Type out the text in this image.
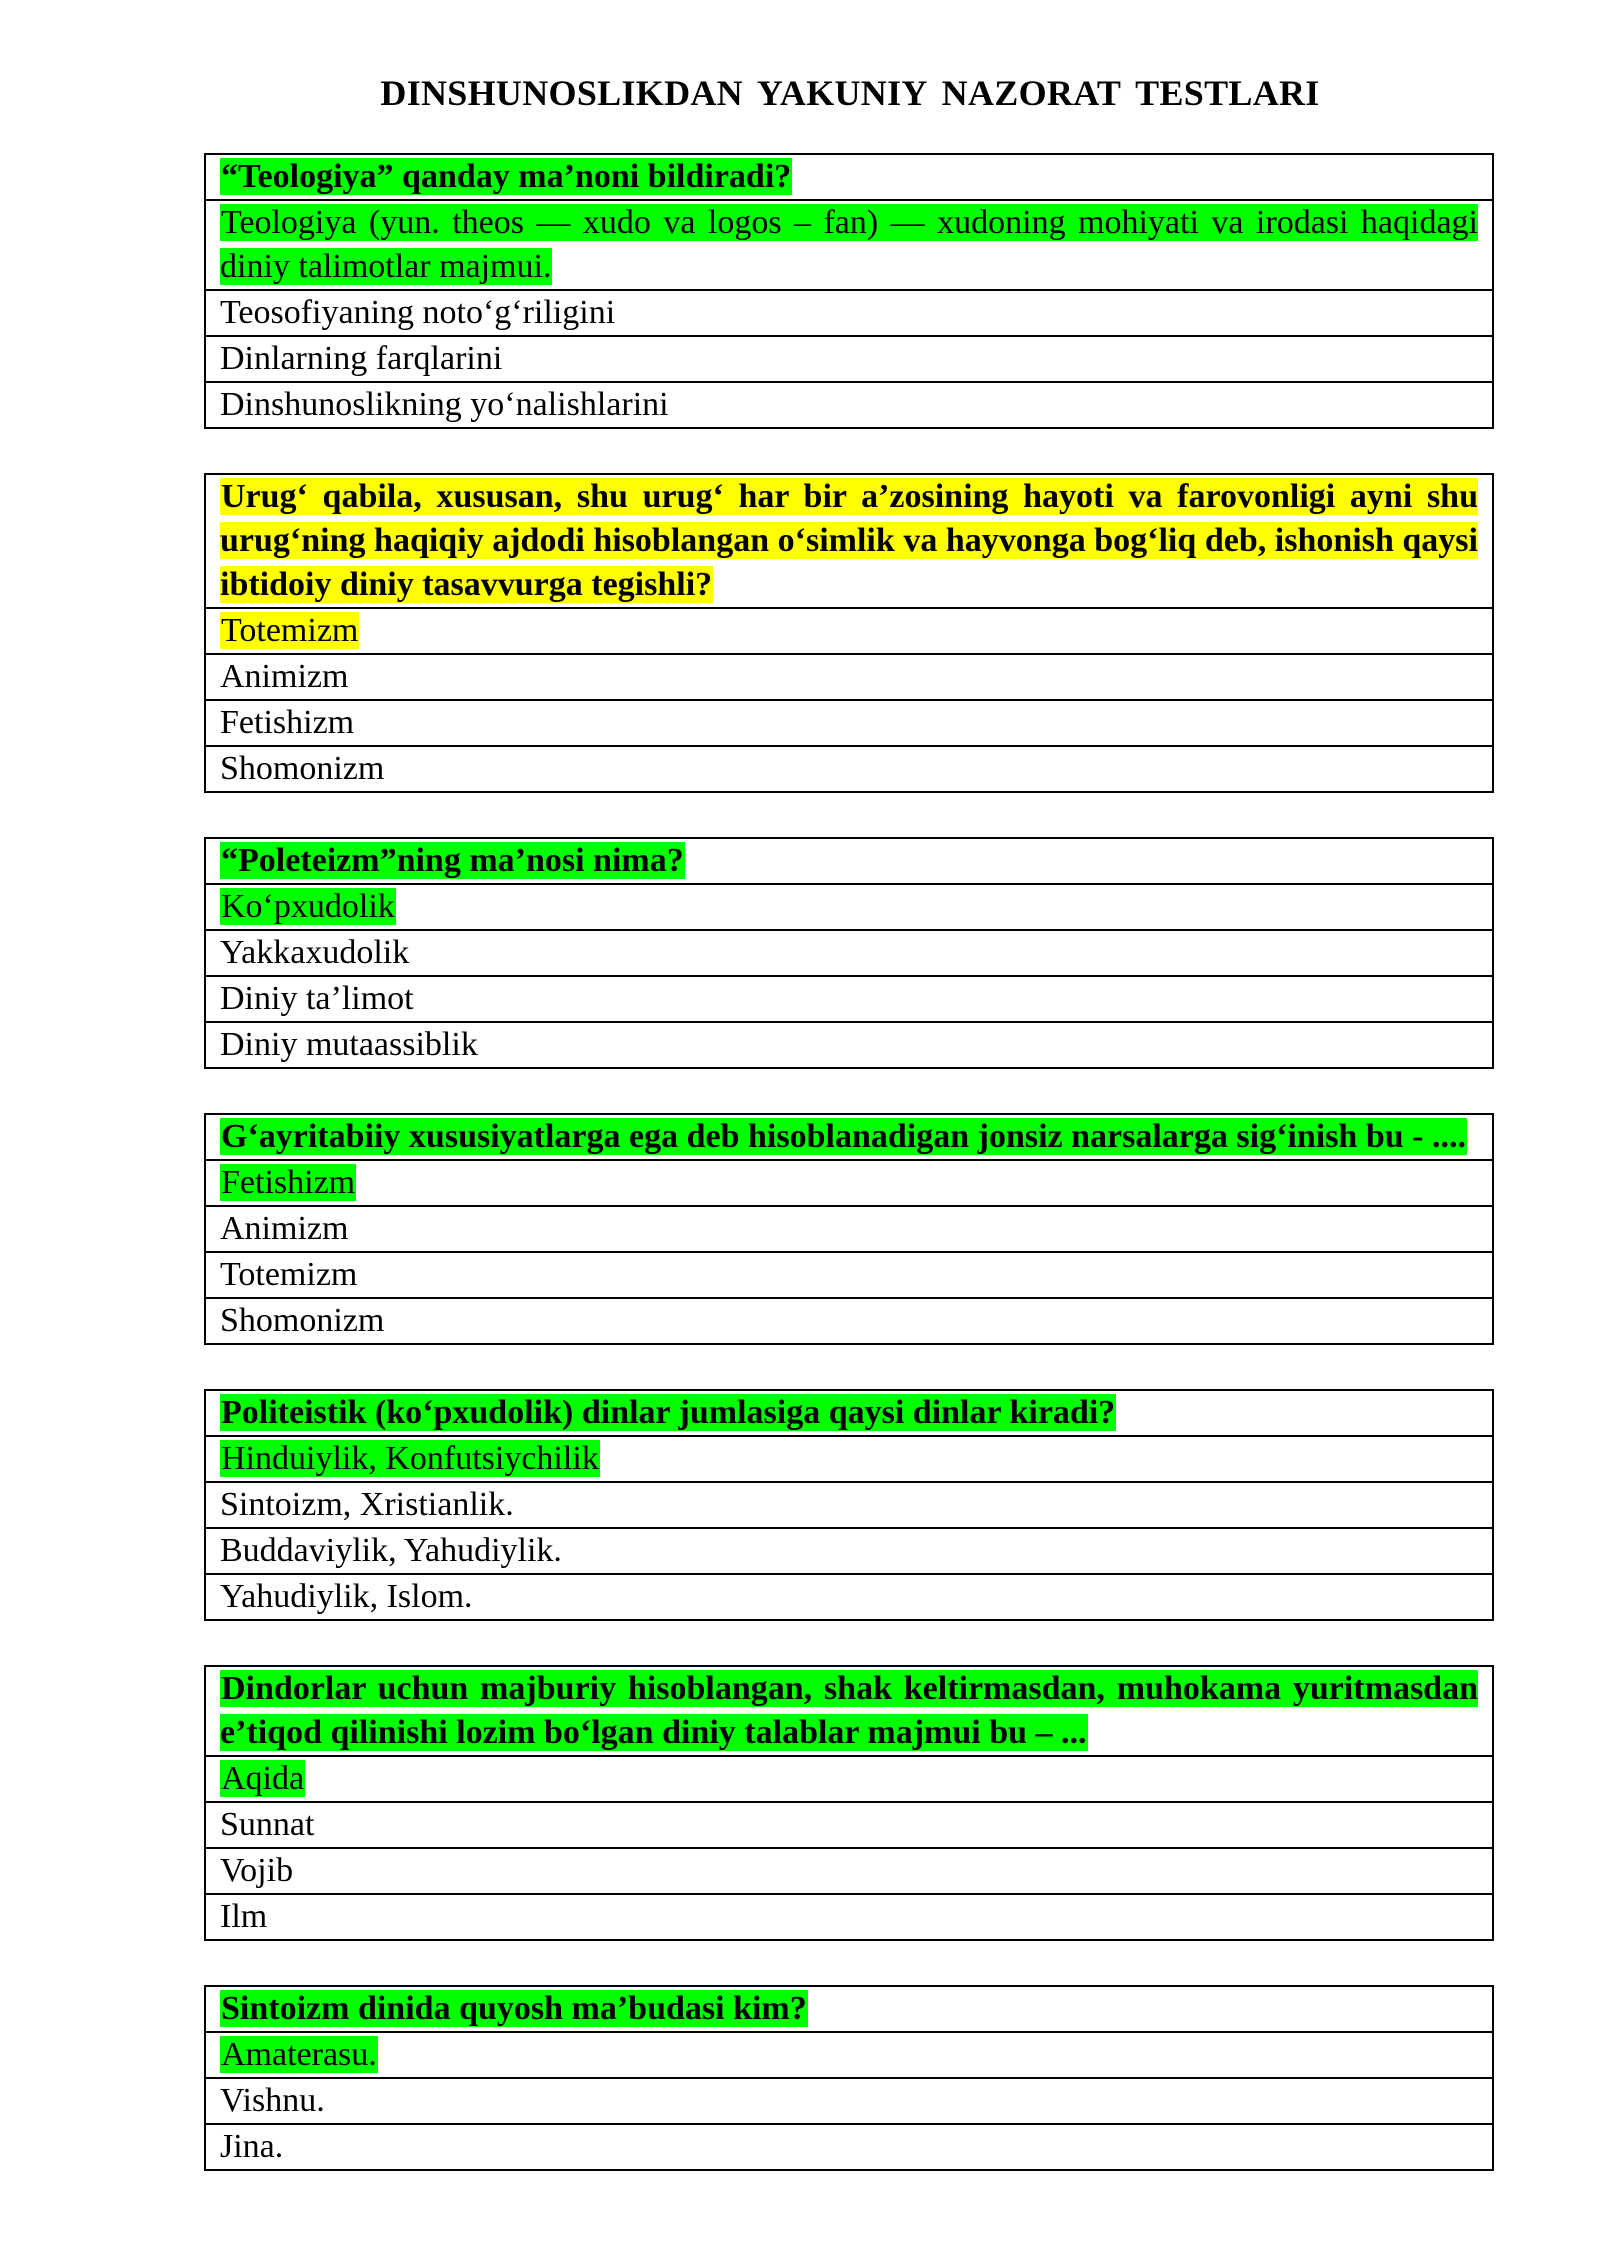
DINSHUNOSLIKDAN YAKUNIY NAZORAT TESTLARI
“Teologiya” qanday ma’noni bildiradi?
Teologiya (yun. theos — xudo va logos – fan) — xudoning mohiyati va irodasi haqidagi diniy talimotlar majmui.
Teosofiyaning noto‘g‘riligini
Dinlarning farqlarini
Dinshunoslikning yo‘nalishlarini
Urug‘ qabila, xususan, shu urug‘ har bir a’zosining hayoti va farovonligi ayni shu urug‘ning haqiqiy ajdodi hisoblangan o‘simlik va hayvonga bog‘liq deb, ishonish qaysi ibtidoiy diniy tasavvurga tegishli?
Totemizm
Animizm
Fetishizm
Shomonizm
“Poleteizm”ning ma’nosi nima?
Ko‘pxudolik
Yakkaxudolik
Diniy ta’limot
Diniy mutaassiblik
G‘ayritabiiy xususiyatlarga ega deb hisoblanadigan jonsiz narsalarga sig‘inish bu - ....
Fetishizm
Animizm
Totemizm
Shomonizm
Politeistik (ko‘pxudolik) dinlar jumlasiga qaysi dinlar kiradi?
Hinduiylik, Konfutsiychilik
Sintoizm, Xristianlik.
Buddaviylik, Yahudiylik.
Yahudiylik, Islom.
Dindorlar uchun majburiy hisoblangan, shak keltirmasdan, muhokama yuritmasdan e’tiqod qilinishi lozim bo‘lgan diniy talablar majmui bu – ...
Aqida
Sunnat
Vojib
Ilm
Sintoizm dinida quyosh ma’budasi kim?
Amaterasu.
Vishnu.
Jina.
